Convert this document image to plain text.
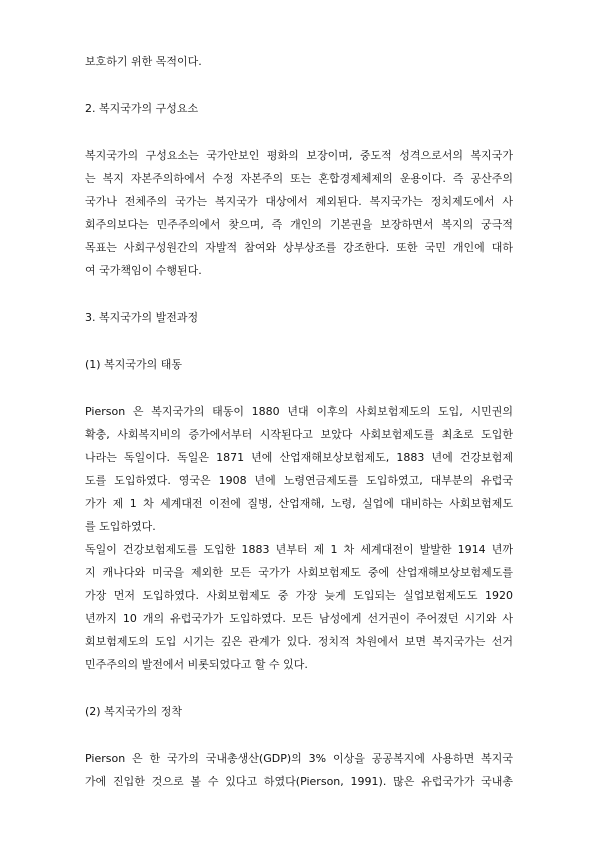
보호하기 위한 목적이다.
2. 복지국가의 구성요소
복지국가의 구성요소는 국가안보인 평화의 보장이며, 중도적 성격으로서의 복지국가
는 복지 자본주의하에서 수정 자본주의 또는 혼합경제체제의 운용이다. 즉 공산주의
국가나 전체주의 국가는 복지국가 대상에서 제외된다. 복지국가는 정치제도에서 사
회주의보다는 민주주의에서 찾으며, 즉 개인의 기본권을 보장하면서 복지의 궁극적
목표는 사회구성원간의 자발적 참여와 상부상조를 강조한다. 또한 국민 개인에 대하
여 국가책임이 수행된다.
3. 복지국가의 발전과정
(1) 복지국가의 태동
Pierson 은 복지국가의 태동이 1880 년대 이후의 사회보험제도의 도입, 시민권의
확충, 사회복지비의 증가에서부터 시작된다고 보았다 사회보험제도를 최초로 도입한
나라는 독일이다. 독일은 1871 년에 산업재해보상보험제도, 1883 년에 건강보험제
도를 도입하였다. 영국은 1908 년에 노령연금제도를 도입하였고, 대부분의 유럽국
가가 제 1 차 세계대전 이전에 질병, 산업재해, 노령, 실업에 대비하는 사회보험제도
를 도입하였다.
독일이 건강보험제도를 도입한 1883 년부터 제 1 차 세계대전이 발발한 1914 년까
지 캐나다와 미국을 제외한 모든 국가가 사회보험제도 중에 산업재해보상보험제도를
가장 먼저 도입하였다. 사회보험제도 중 가장 늦게 도입되는 실업보험제도도 1920
년까지 10 개의 유럽국가가 도입하였다. 모든 남성에게 선거권이 주어졌던 시기와 사
회보험제도의 도입 시기는 깊은 관계가 있다. 정치적 차원에서 보면 복지국가는 선거
민주주의의 발전에서 비롯되었다고 할 수 있다.
(2) 복지국가의 정착
Pierson 은 한 국가의 국내총생산(GDP)의 3% 이상을 공공복지에 사용하면 복지국
가에 진입한 것으로 볼 수 있다고 하였다(Pierson, 1991). 많은 유럽국가가 국내총
